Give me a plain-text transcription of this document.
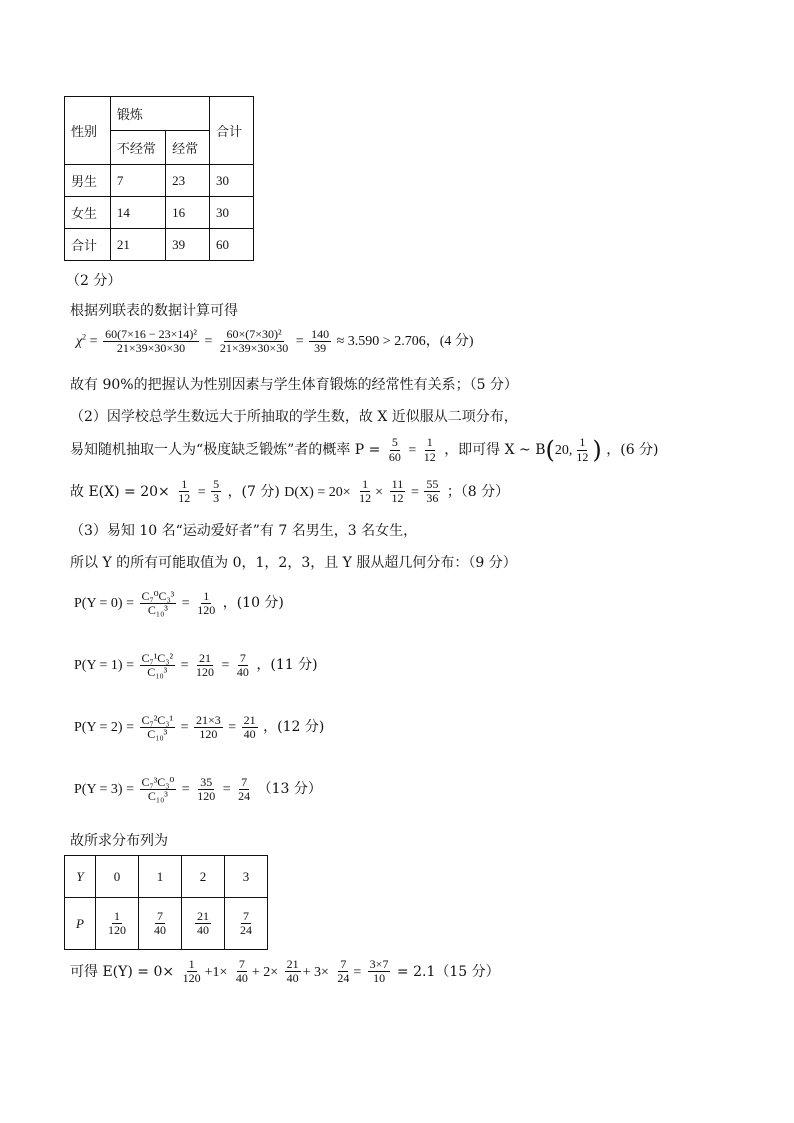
性别	锻炼		合计
	不经常	经常	
男生	7	23	30
女生	14	16	30
合计	21	39	60
（2 分）
根据列联表的数据计算可得
$\chi^2 = \frac{\text{60(7×16 − 23×14)²}}{21\times 39\times 30\times 30} = \frac{\text{60×(7×30)²}}{21\times 39\times 30\times 30} = \frac{140}{39} \approx 3.590 > 2.706$，(4 分)
故有 90%的把握认为性别因素与学生体育锻炼的经常性有关系；（5 分）
（2）因学校总学生数远大于所抽取的学生数，故 X 近似服从二项分布，
易知随机抽取一人为“极度缺乏锻炼”者的概率 $P = \frac{5}{60} = \frac{1}{12}$ ，即可得 X ~ B(20, $\frac{1}{12}$ ) ，(6 分)
故 $E(X) = 20\times \frac{1}{12} = \frac{5}{3}$ ，(7 分) $D(X) = 20\times \frac{1}{12} \times \frac{11}{12} = \frac{55}{36}$ ；（8 分）
（3）易知 10 名“运动爱好者”有 7 名男生，3 名女生，
所以 Y 的所有可能取值为 0，1，2，3，且 Y 服从超几何分布：（9 分）
$P(Y = 0) = \frac{\text{C₇⁰C₃³}}{\text{C₁₀³}} = \frac{1}{120}$ ，(10 分)
$P(Y = 1) = \frac{\text{C₇¹C₃²}}{\text{C₁₀³}} = \frac{21}{120} = \frac{7}{40}$ ，(11 分)
$P(Y = 2) = \frac{\text{C₇²C₃¹}}{\text{C₁₀³}} = \frac{21\times 3}{120} = \frac{21}{40}$ ，(12 分)
$P(Y = 3) = \frac{\text{C₇³C₃⁰}}{\text{C₁₀³}} = \frac{35}{120} = \frac{7}{24} (13$ 分）
故所求分布列为
Y	0	1	2	3
P	$\frac{1}{120}$	$\frac{7}{40}$	$\frac{21}{40}$	$\frac{7}{24}$
可得 $E(Y) = 0\times \frac{1}{120} +1\times \frac{7}{40} + 2\times \frac{21}{40} + 3\times \frac{7}{24} = \frac{3\times 7}{10} = 2.1(15$ 分）
